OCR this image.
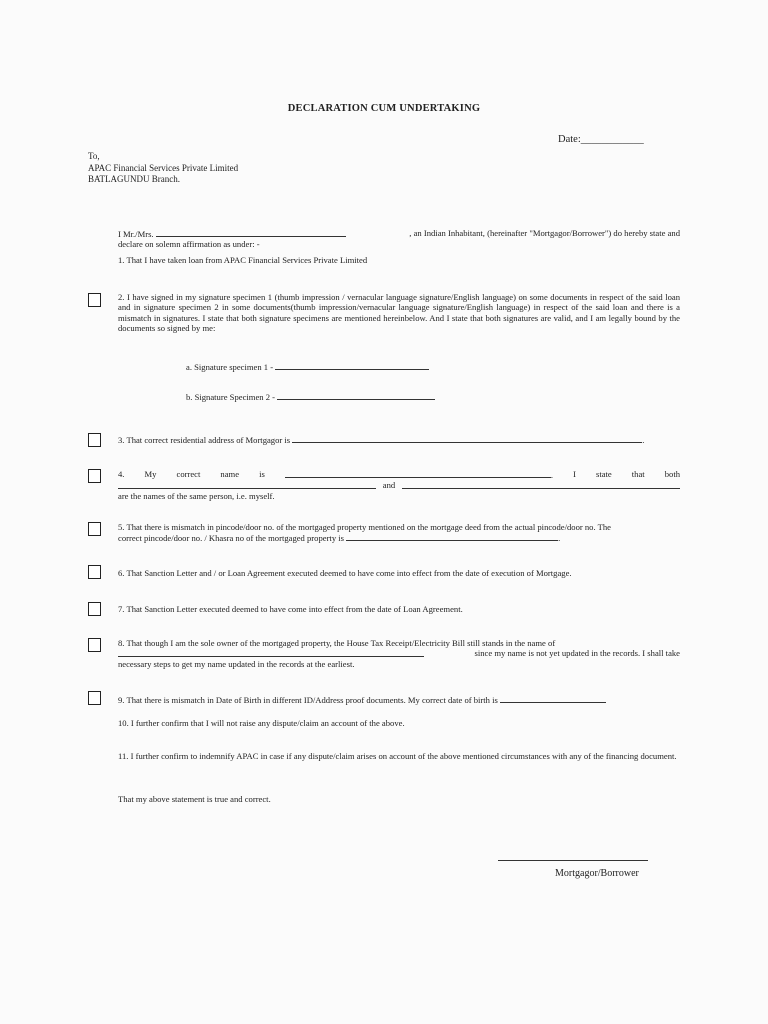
DECLARATION CUM UNDERTAKING
Date:____________
To,
APAC Financial Services Private Limited
BATLAGUNDU Branch.
I Mr./Mrs.	, an Indian Inhabitant, (hereinafter "Mortgagor/Borrower") do hereby state and
declare on solemn affirmation as under: -
1. That I have taken loan from APAC Financial Services Private Limited
2. I have signed in my signature specimen 1 (thumb impression / vernacular language signature/English language) on some documents in respect of the said loan and in signature specimen 2 in some documents(thumb impression/vernacular language signature/English language) in respect of the said loan and there is a mismatch in signatures. I state that both signature specimens are mentioned hereinbelow. And I state that both signatures are valid, and I am legally bound by the documents so signed by me:
a. Signature specimen 1 -
b. Signature Specimen 2 -
3. That correct residential address of Mortgagor is	.
4. My correct name is	. I state that both
and
are the names of the same person, i.e. myself.
5. That there is mismatch in pincode/door no. of the mortgaged property mentioned on the mortgage deed from the actual pincode/door no. The
correct pincode/door no. / Khasra no of the mortgaged property is	.
6. That Sanction Letter and / or Loan Agreement executed deemed to have come into effect from the date of execution of Mortgage.
7. That Sanction Letter executed deemed to have come into effect from the date of Loan Agreement.
8. That though I am the sole owner of the mortgaged property, the House Tax Receipt/Electricity Bill still stands in the name of
since my name is not yet updated in the records. I shall take
necessary steps to get my name updated in the records at the earliest.
9. That there is mismatch in Date of Birth in different ID/Address proof documents. My correct date of birth is
10. I further confirm that I will not raise any dispute/claim an account of the above.
11. I further confirm to indemnify APAC in case if any dispute/claim arises on account of the above mentioned circumstances with any of the financing document.
That my above statement is true and correct.
Mortgagor/Borrower
